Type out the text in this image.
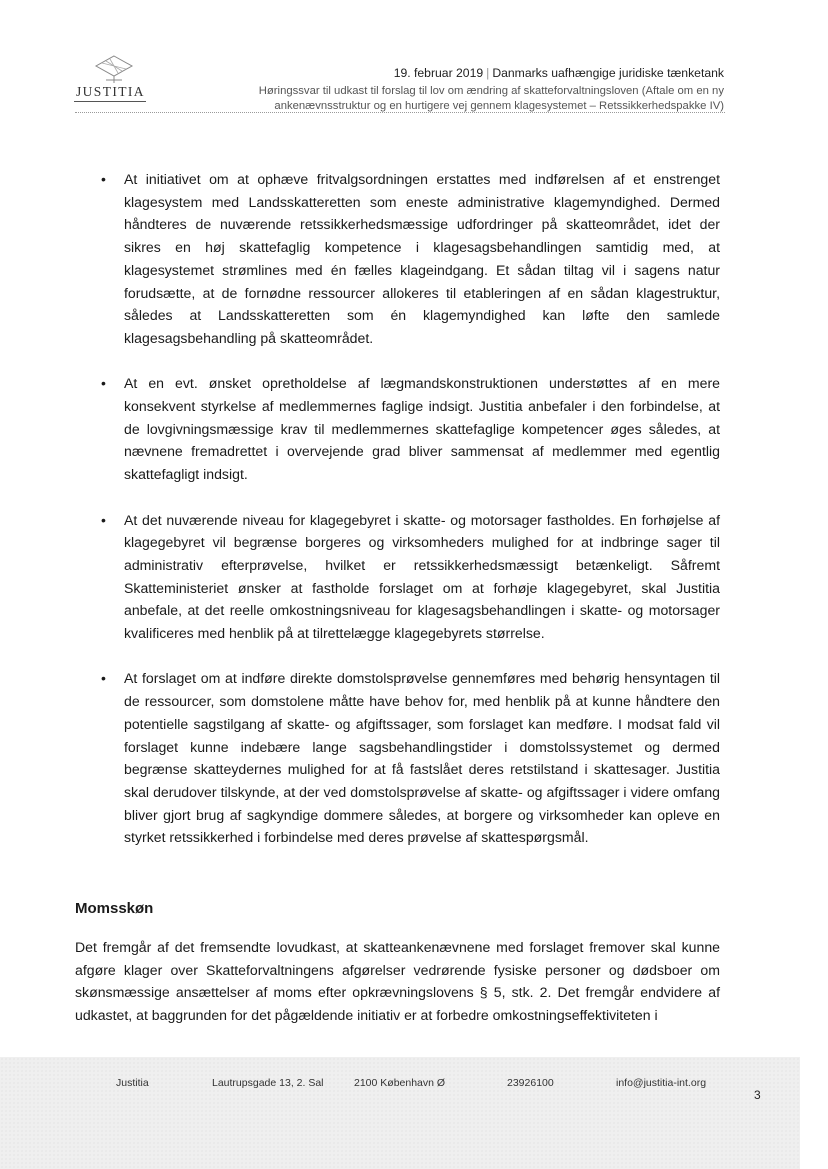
JUSTITIA
19. februar 2019 | Danmarks uafhængige juridiske tænketank
Høringssvar til udkast til forslag til lov om ændring af skatteforvaltningsloven (Aftale om en ny
ankenævnsstruktur og en hurtigere vej gennem klagesystemet – Retssikkerhedspakke IV)
• At initiativet om at ophæve fritvalgsordningen erstattes med indførelsen af et enstrenget klagesystem med Landsskatteretten som eneste administrative klagemyndighed. Dermed håndteres de nuværende retssikkerhedsmæssige udfordringer på skatteområdet, idet der sikres en høj skattefaglig kompetence i klagesagsbehandlingen samtidig med, at klagesystemet strømlines med én fælles klageindgang. Et sådan tiltag vil i sagens natur forudsætte, at de fornødne ressourcer allokeres til etableringen af en sådan klagestruktur, således at Landsskatteretten som én klagemyndighed kan løfte den samlede klagesagsbehandling på skatteområdet.
• At en evt. ønsket opretholdelse af lægmandskonstruktionen understøttes af en mere konsekvent styrkelse af medlemmernes faglige indsigt. Justitia anbefaler i den forbindelse, at de lovgivningsmæssige krav til medlemmernes skattefaglige kompetencer øges således, at nævnene fremadrettet i overvejende grad bliver sammensat af medlemmer med egentlig skattefagligt indsigt.
• At det nuværende niveau for klagegebyret i skatte- og motorsager fastholdes. En forhøjelse af klagegebyret vil begrænse borgeres og virksomheders mulighed for at indbringe sager til administrativ efterprøvelse, hvilket er retssikkerhedsmæssigt betænkeligt. Såfremt Skatteministeriet ønsker at fastholde forslaget om at forhøje klagegebyret, skal Justitia anbefale, at det reelle omkostningsniveau for klagesagsbehandlingen i skatte- og motorsager kvalificeres med henblik på at tilrettelægge klagegebyrets størrelse.
• At forslaget om at indføre direkte domstolsprøvelse gennemføres med behørig hensyntagen til de ressourcer, som domstolene måtte have behov for, med henblik på at kunne håndtere den potentielle sagstilgang af skatte- og afgiftssager, som forslaget kan medføre. I modsat fald vil forslaget kunne indebære lange sagsbehandlingstider i domstolssystemet og dermed begrænse skatteydernes mulighed for at få fastslået deres retstilstand i skattesager. Justitia skal derudover tilskynde, at der ved domstolsprøvelse af skatte- og afgiftssager i videre omfang bliver gjort brug af sagkyndige dommere således, at borgere og virksomheder kan opleve en styrket retssikkerhed i forbindelse med deres prøvelse af skattespørgsmål.
Momsskøn

Det fremgår af det fremsendte lovudkast, at skatteankenævnene med forslaget fremover skal kunne afgøre klager over Skatteforvaltningens afgørelser vedrørende fysiske personer og dødsboer om skønsmæssige ansættelser af moms efter opkrævningslovens § 5, stk. 2. Det fremgår endvidere af udkastet, at baggrunden for det pågældende initiativ er at forbedre omkostningseffektiviteten i

Justitia	Lautrupsgade 13, 2. Sal	2100 København Ø	23926100	info@justitia-int.org
3
